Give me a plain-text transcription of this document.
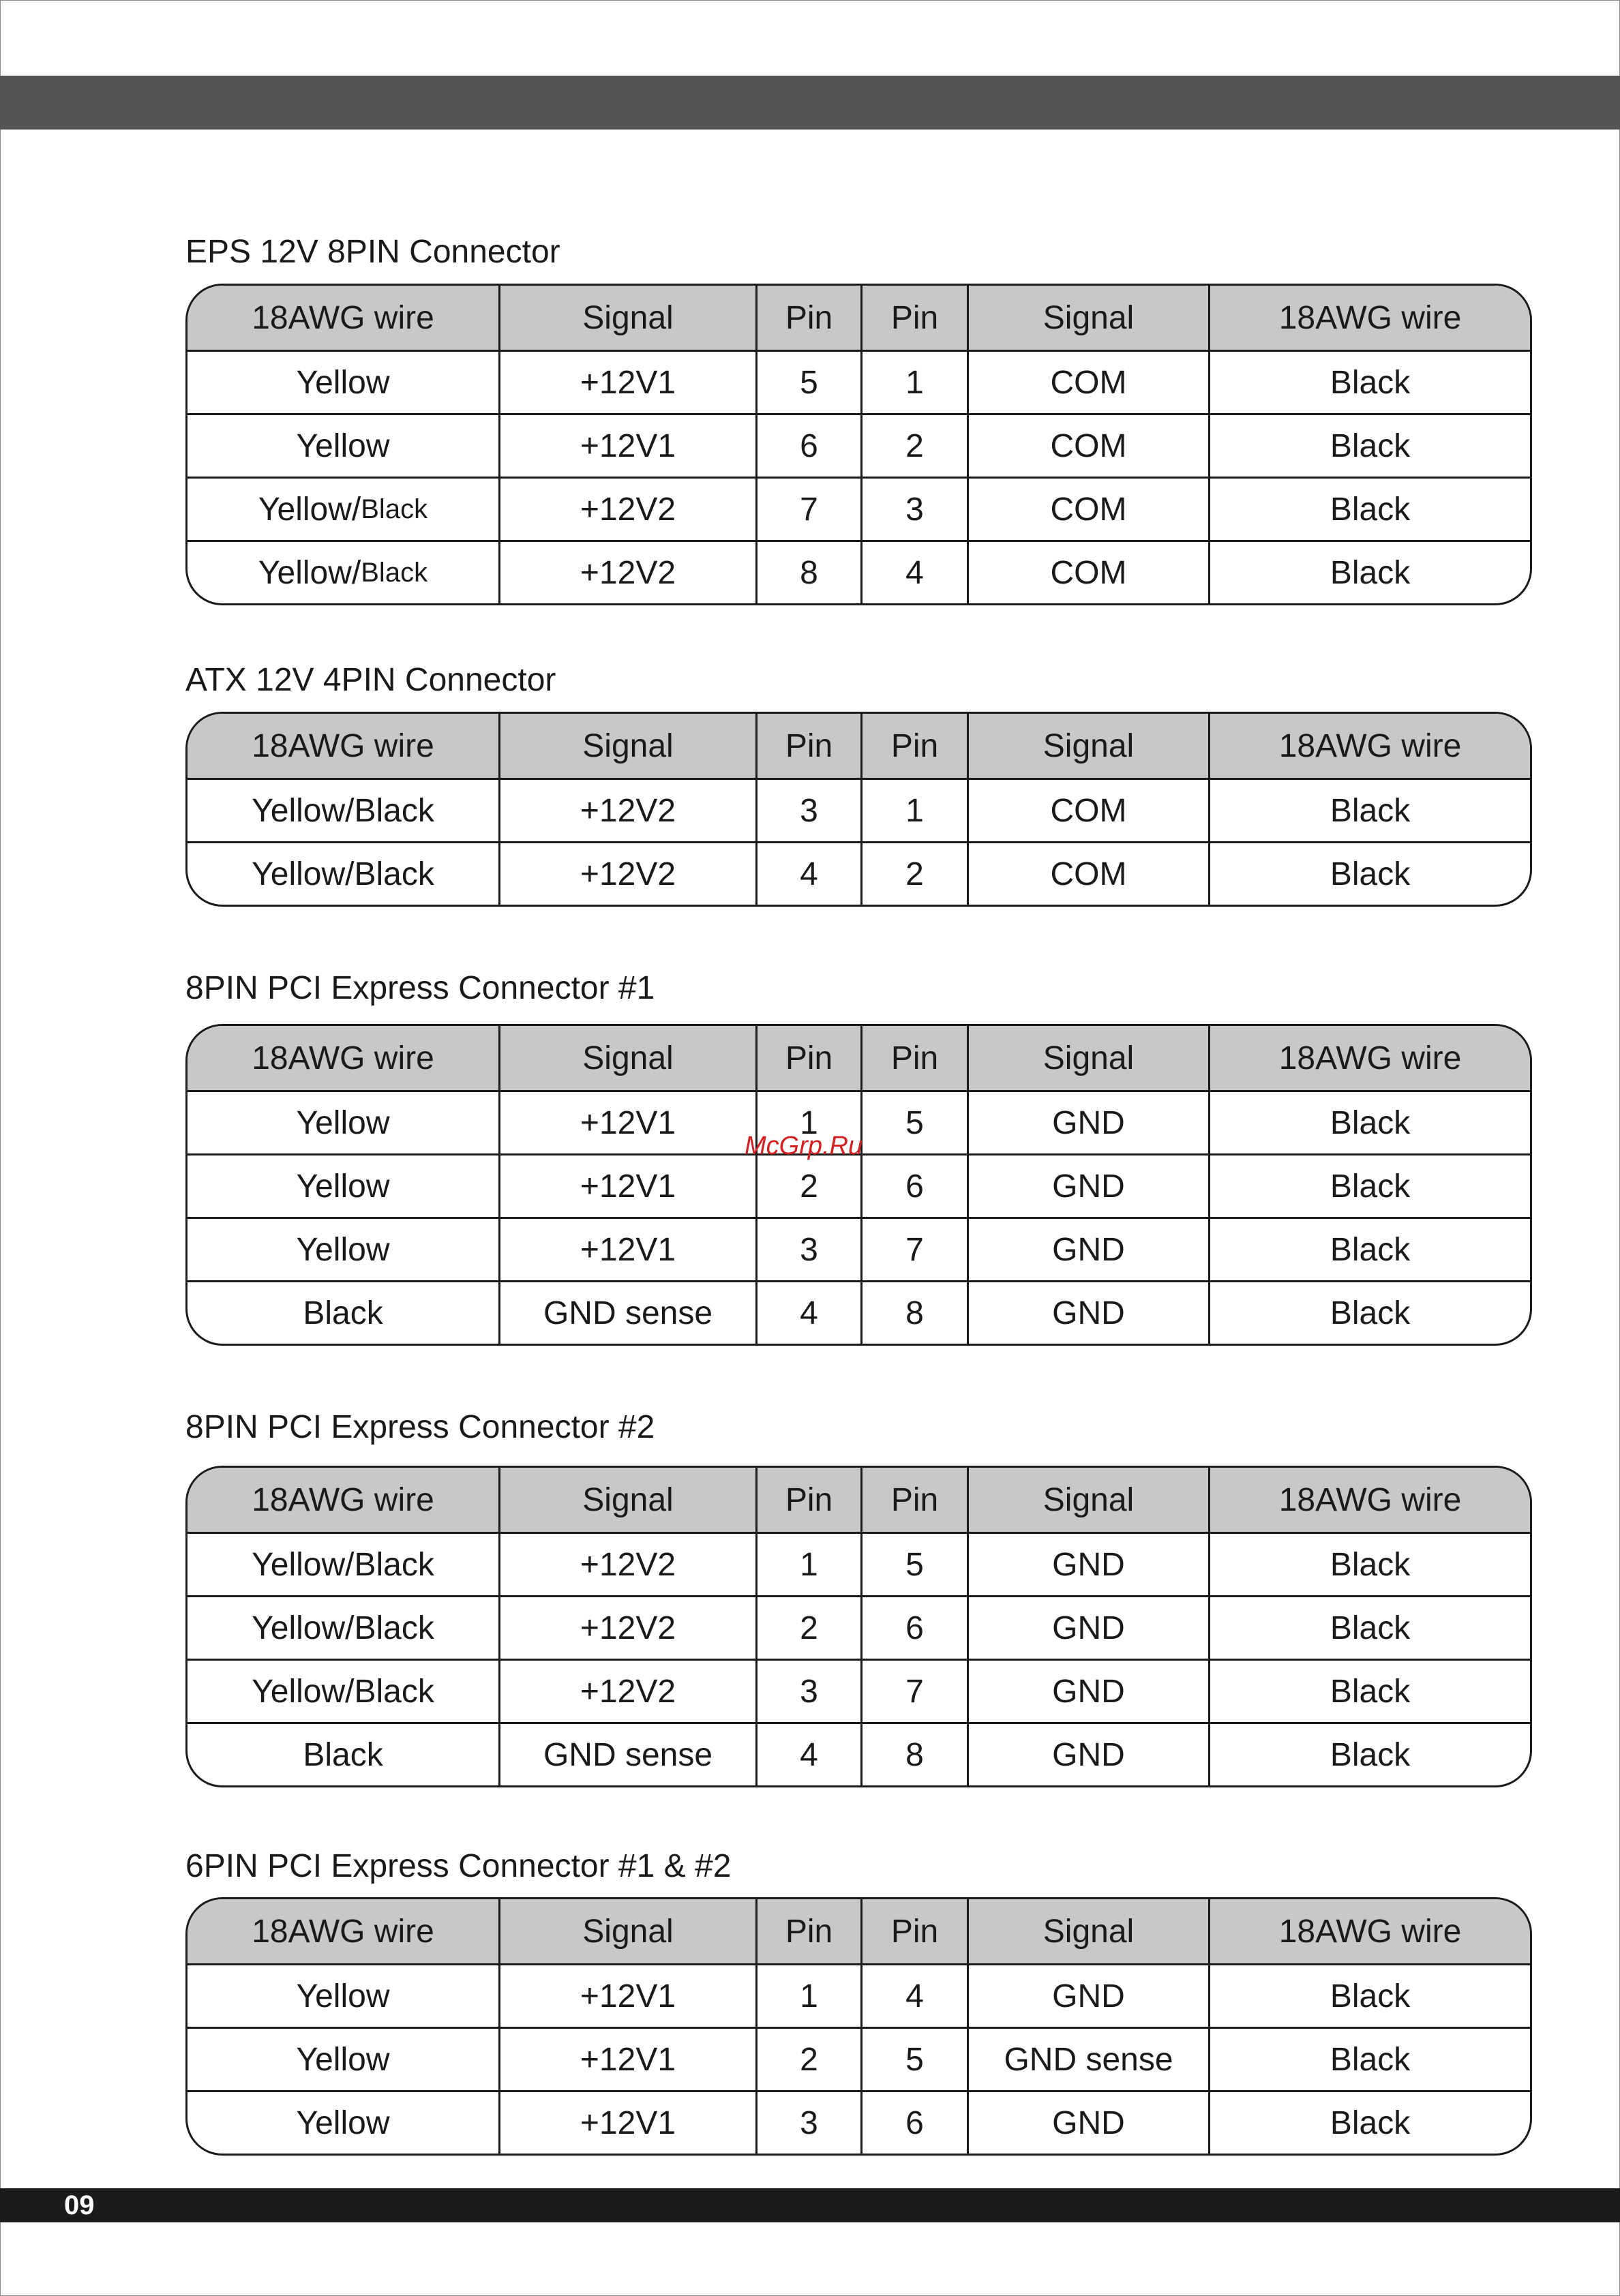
EPS 12V 8PIN Connector
18AWG wire	Signal	Pin	Pin	Signal	18AWG wire
Yellow	+12V1	5	1	COM	Black
Yellow	+12V1	6	2	COM	Black
Yellow/ Black	+12V2	7	3	COM	Black
Yellow/ Black	+12V2	8	4	COM	Black
ATX 12V 4PIN Connector
18AWG wire	Signal	Pin	Pin	Signal	18AWG wire
Yellow/Black	+12V2	3	1	COM	Black
Yellow/Black	+12V2	4	2	COM	Black
8PIN PCI Express Connector #1
18AWG wire	Signal	Pin	Pin	Signal	18AWG wire
Yellow	+12V1	1	5	GND	Black
Yellow	+12V1	2	6	GND	Black
Yellow	+12V1	3	7	GND	Black
Black	GND sense	4	8	GND	Black
8PIN PCI Express Connector #2
18AWG wire	Signal	Pin	Pin	Signal	18AWG wire
Yellow/Black	+12V2	1	5	GND	Black
Yellow/Black	+12V2	2	6	GND	Black
Yellow/Black	+12V2	3	7	GND	Black
Black	GND sense	4	8	GND	Black
6PIN PCI Express Connector #1 & #2
18AWG wire	Signal	Pin	Pin	Signal	18AWG wire
Yellow	+12V1	1	4	GND	Black
Yellow	+12V1	2	5	GND sense	Black
Yellow	+12V1	3	6	GND	Black
McGrp.Ru
09
